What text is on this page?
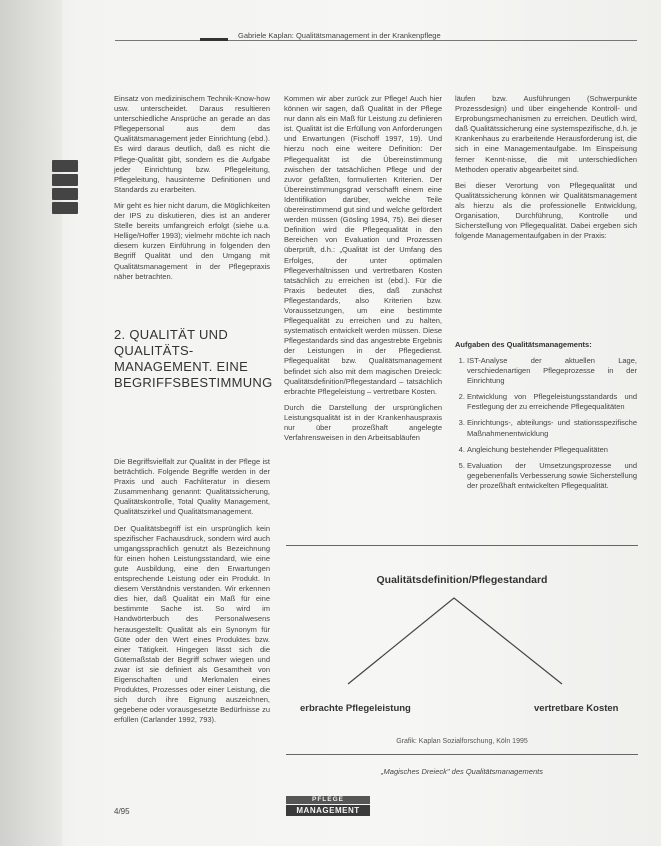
Gabriele Kaplan: Qualitätsmanagement in der Krankenpflege

Einsatz von medizinischem Technik-Know-how usw. unterscheidet. Daraus resultieren unterschiedliche Ansprüche an gerade an das Pflegepersonal aus dem das Qualitätsmanagement jeder Einrichtung (ebd.). Es wird daraus deutlich, daß es nicht die Pflege-Qualität gibt, sondern es die Aufgabe jeder Einrichtung bzw. Pflegeleitung, Pflegeleitung, hausinterne Definitionen und Standards zu erarbeiten.

Mir geht es hier nicht darum, die Möglichkeiten der IPS zu diskutieren, dies ist an anderer Stelle bereits umfangreich erfolgt (siehe u.a. Hellige/Hoffer 1993); vielmehr möchte ich nach diesem kurzen Einführung in folgenden den Begriff Qualität und den Umgang mit Qualitätsmanagement in der Pflegepraxis näher betrachten.

2. QUALITÄT UND QUALITÄTS-MANAGEMENT. EINE BEGRIFFSBESTIMMUNG

Die Begriffsvielfalt zur Qualität in der Pflege ist beträchtlich. Folgende Begriffe werden in der Praxis und auch Fachliteratur in diesem Zusammenhang genannt: Qualitätssicherung, Qualitätskontrolle, Total Quality Management, Qualitätszirkel und Qualitätsmanagement.

Der Qualitätsbegriff ist ein ursprünglich kein spezifischer Fachausdruck, sondern wird auch umgangssprachlich genutzt als Bezeichnung für einen hohen Leistungsstandard, wie eine gute Ausbildung, eine den Erwartungen entsprechende Leistung oder ein Produkt. In diesem Verständnis verstanden. Wir erkennen dies hier, daß Qualität ein Maß für eine bestimmte Sache ist. So wird im Handwörterbuch des Personalwesens herausgestellt: Qualität als ein Synonym für Güte oder den Wert eines Produktes bzw. einer Tätigkeit. Hingegen lässt sich die Gütemaßstab der Begriff schwer wiegen und zwar ist sie definiert als Gesamtheit von Eigenschaften und Merkmalen eines Produktes, Prozesses oder einer Leistung, die sich durch ihre Eignung auszeichnen, gegebene oder vorausgesetzte Bedürfnisse zu erfüllen (Carlander 1992, 793).

Kommen wir aber zurück zur Pflege! Auch hier können wir sagen, daß Qualität in der Pflege nur dann als ein Maß für Leistung zu definieren ist. Qualität ist die Erfüllung von Anforderungen und Erwartungen (Fischoff 1997, 19). Und hierzu noch eine weitere Definition: Der Pflegequalität ist die Übereinstimmung zwischen der tatsächlichen Pflege und der zuvor gefaßten, formulierten Kriterien. Der Übereinstimmungsgrad verschafft einem eine Identifikation darüber, welche Teile übereinstimmend gut sind und welche gefördert werden müssen (Gösling 1994, 75). Bei dieser Definition wird die Pflegequalität in den Bereichen von Evaluation und Prozessen überprüft, d.h.: „Qualität ist der Umfang des Erfolges, der unter optimalen Pflegeverhältnissen und vertretbaren Kosten tatsächlich zu erreichen ist (ebd.). Für die Praxis bedeutet dies, daß zunächst Pflegestandards, also Kriterien bzw. Voraussetzungen, um eine bestimmte Pflegequalität zu erreichen und zu halten, systematisch entwickelt werden müssen. Diese Pflegestandards sind das angestrebte Ergebnis der Leistungen in der Pflegedienst. Pflegequalität bzw. Qualitätsmanagement befindet sich also mit dem magischen Dreieck: Qualitätsdefinition/Pflegestandard – tatsächlich erbrachte Pflegeleistung – vertretbare Kosten.

Durch die Darstellung der ursprünglichen Leistungsqualität ist in der Krankenhauspraxis nur über prozeßhaft angelegte Verfahrensweisen in den Arbeitsabläufen

läufen bzw. Ausführungen (Schwerpunkte Prozessdesign) und über eingehende Kontroll- und Erprobungsmechanismen zu erreichen. Deutlich wird, daß Qualitätssicherung eine systemspezifische, d.h. je Krankenhaus zu erarbeitende Herausforderung ist, die sich in eine Managementaufgabe. Im Einspeisung ferner Kennt-nisse, die mit unterschiedlichen Methoden operativ abgearbeitet sind.

Bei dieser Verortung von Pflegequalität und Qualitätssicherung können wir Qualitätsmanagement als hierzu als die professionelle Entwicklung, Organisation, Durchführung, Kontrolle und Sicherstellung von Pflegequalität. Dabei ergeben sich folgende Managementaufgaben in der Praxis:

Aufgaben des Qualitätsmanagements:

1. IST-Analyse der aktuellen Lage, verschiedenartigen Pflegeprozesse in der Einrichtung
2. Entwicklung von Pflegeleistungsstandards und Festlegung der zu erreichende Pflegequalitäten
3. Einrichtungs-, abteilungs- und stationsspezifische Maßnahmenentwicklung
4. Angleichung bestehender Pflegequalitäten
5. Evaluation der Umsetzungsprozesse und gegebenenfalls Verbesserung sowie Sicherstellung der prozeßhaft entwickelten Pflegequalität.
Qualitätsdefinition/Pflegestandard
erbrachte Pflegeleistung	vertretbare Kosten
Grafik: Kaplan Sozialforschung, Köln 1995
„Magisches Dreieck" des Qualitätsmanagements
4/95
PFLEGE
MANAGEMENT
